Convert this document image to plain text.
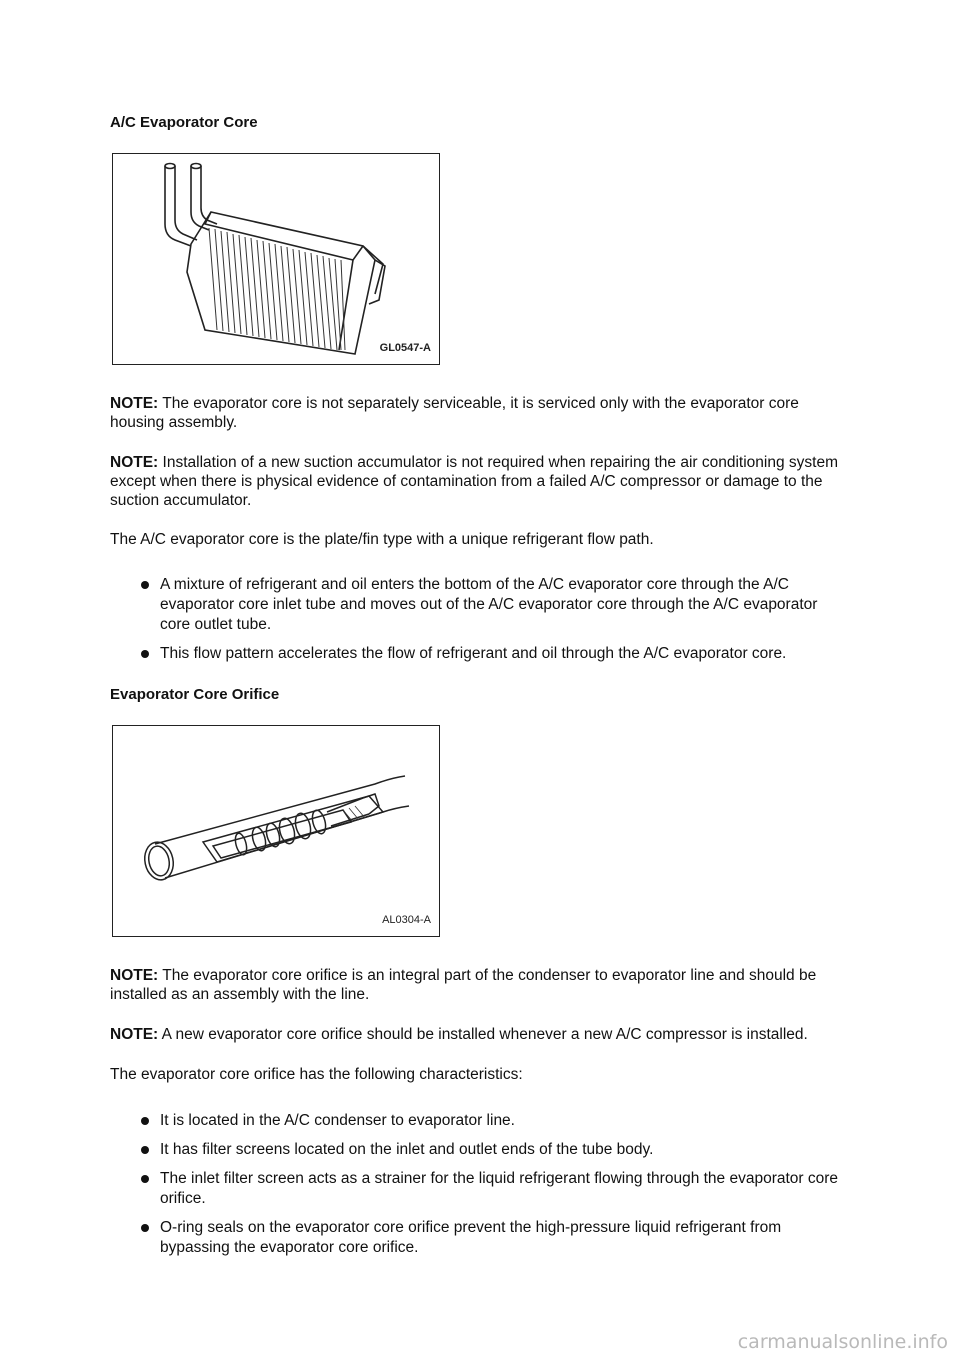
A/C Evaporator Core
GL0547-A
NOTE: The evaporator core is not separately serviceable, it is serviced only with the evaporator core housing assembly.
NOTE: Installation of a new suction accumulator is not required when repairing the air conditioning system except when there is physical evidence of contamination from a failed A/C compressor or damage to the suction accumulator.
The A/C evaporator core is the plate/fin type with a unique refrigerant flow path.
A mixture of refrigerant and oil enters the bottom of the A/C evaporator core through the A/C evaporator core inlet tube and moves out of the A/C evaporator core through the A/C evaporator core outlet tube.
This flow pattern accelerates the flow of refrigerant and oil through the A/C evaporator core.
Evaporator Core Orifice
AL0304-A
NOTE: The evaporator core orifice is an integral part of the condenser to evaporator line and should be installed as an assembly with the line.
NOTE: A new evaporator core orifice should be installed whenever a new A/C compressor is installed.
The evaporator core orifice has the following characteristics:
It is located in the A/C condenser to evaporator line.
It has filter screens located on the inlet and outlet ends of the tube body.
The inlet filter screen acts as a strainer for the liquid refrigerant flowing through the evaporator core orifice.
O-ring seals on the evaporator core orifice prevent the high-pressure liquid refrigerant from bypassing the evaporator core orifice.
carmanualsonline.info
